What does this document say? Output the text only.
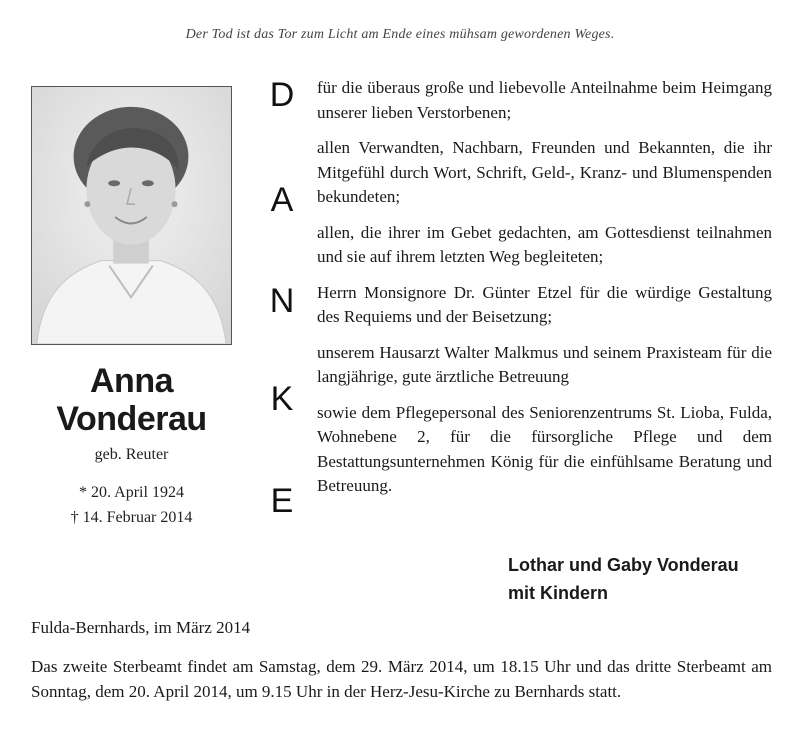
Der Tod ist das Tor zum Licht am Ende eines mühsam gewordenen Weges.
Anna
Vonderau
geb. Reuter
* 20. April 1924
† 14. Februar 2014
D
A
N
K
E

für die überaus große und liebevolle Anteilnahme beim Heimgang unserer lieben Verstorbenen;

allen Verwandten, Nachbarn, Freunden und Bekannten, die ihr Mitgefühl durch Wort, Schrift, Geld-, Kranz- und Blumenspenden bekundeten;

allen, die ihrer im Gebet gedachten, am Gottesdienst teilnahmen und sie auf ihrem letzten Weg begleiteten;

Herrn Monsignore Dr. Günter Etzel für die würdige Gestaltung des Requiems und der Beisetzung;

unserem Hausarzt Walter Malkmus und seinem Praxisteam für die langjährige, gute ärztliche Betreuung

sowie dem Pflegepersonal des Seniorenzentrums St. Lioba, Fulda, Wohnebene 2, für die fürsorgliche Pflege und dem Bestattungsunternehmen König für die einfühlsame Beratung und Betreuung.

Lothar und Gaby Vonderau
mit Kindern
Fulda-Bernhards, im März 2014
Das zweite Sterbeamt findet am Samstag, dem 29. März 2014, um 18.15 Uhr und das dritte Sterbeamt am Sonntag, dem 20. April 2014, um 9.15 Uhr in der Herz-Jesu-Kirche zu Bernhards statt.
